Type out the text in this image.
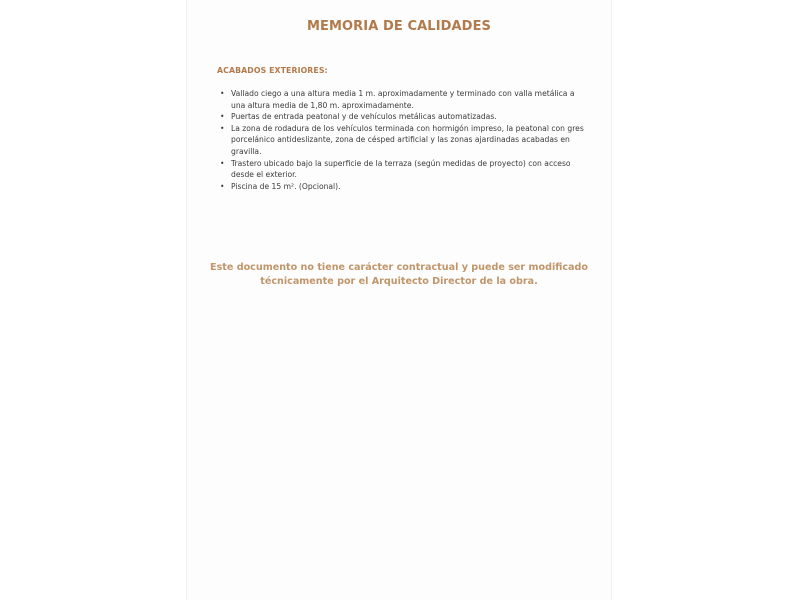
MEMORIA DE CALIDADES
ACABADOS EXTERIORES:
• Vallado ciego a una altura media 1 m. aproximadamente y terminado con valla metálica a una altura media de 1,80 m. aproximadamente.
• Puertas de entrada peatonal y de vehículos metálicas automatizadas.
• La zona de rodadura de los vehículos terminada con hormigón impreso, la peatonal con gres porcelánico antideslizante, zona de césped artificial y las zonas ajardinadas acabadas en gravilla.
• Trastero ubicado bajo la superficie de la terraza (según medidas de proyecto) con acceso desde el exterior.
• Piscina de 15 m². (Opcional).
Este documento no tiene carácter contractual y puede ser modificado técnicamente por el Arquitecto Director de la obra.
